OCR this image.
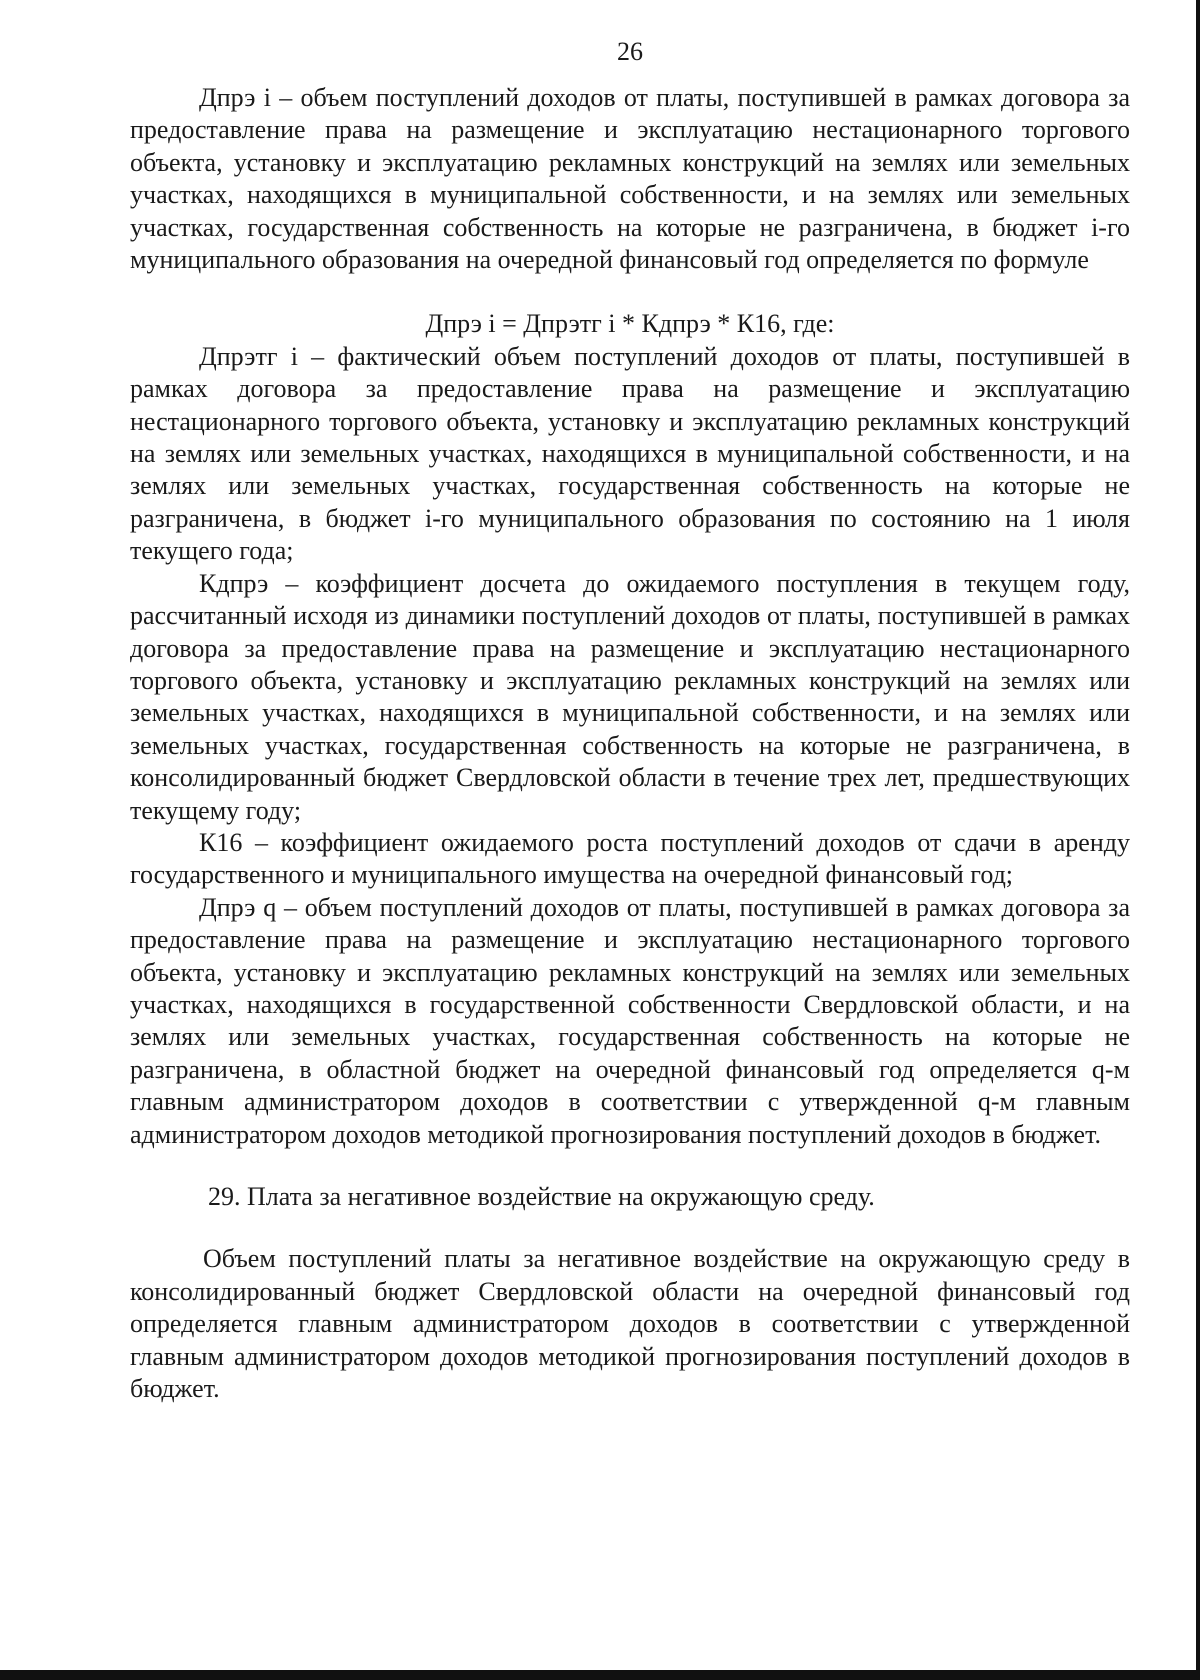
26

Дпрэ i – объем поступлений доходов от платы, поступившей в рамках договора за предоставление права на размещение и эксплуатацию нестационарного торгового объекта, установку и эксплуатацию рекламных конструкций на землях или земельных участках, находящихся в муниципальной собственности, и на землях или земельных участках, государственная собственность на которые не разграничена, в бюджет i-го муниципального образования на очередной финансовый год определяется по формуле

Дпрэ i = Дпрэтг i * Кдпрэ * К16, где:

Дпрэтг i – фактический объем поступлений доходов от платы, поступившей в рамках договора за предоставление права на размещение и эксплуатацию нестационарного торгового объекта, установку и эксплуатацию рекламных конструкций на землях или земельных участках, находящихся в муниципальной собственности, и на землях или земельных участках, государственная собственность на которые не разграничена, в бюджет i-го муниципального образования по состоянию на 1 июля текущего года;

Кдпрэ – коэффициент досчета до ожидаемого поступления в текущем году, рассчитанный исходя из динамики поступлений доходов от платы, поступившей в рамках договора за предоставление права на размещение и эксплуатацию нестационарного торгового объекта, установку и эксплуатацию рекламных конструкций на землях или земельных участках, находящихся в муниципальной собственности, и на землях или земельных участках, государственная собственность на которые не разграничена, в консолидированный бюджет Свердловской области в течение трех лет, предшествующих текущему году;

К16 – коэффициент ожидаемого роста поступлений доходов от сдачи в аренду государственного и муниципального имущества на очередной финансовый год;

Дпрэ q – объем поступлений доходов от платы, поступившей в рамках договора за предоставление права на размещение и эксплуатацию нестационарного торгового объекта, установку и эксплуатацию рекламных конструкций на землях или земельных участках, находящихся в государственной собственности Свердловской области, и на землях или земельных участках, государственная собственность на которые не разграничена, в областной бюджет на очередной финансовый год определяется q-м главным администратором доходов в соответствии с утвержденной q-м главным администратором доходов методикой прогнозирования поступлений доходов в бюджет.

29. Плата за негативное воздействие на окружающую среду.

Объем поступлений платы за негативное воздействие на окружающую среду в консолидированный бюджет Свердловской области на очередной финансовый год определяется главным администратором доходов в соответствии с утвержденной главным администратором доходов методикой прогнозирования поступлений доходов в бюджет.
